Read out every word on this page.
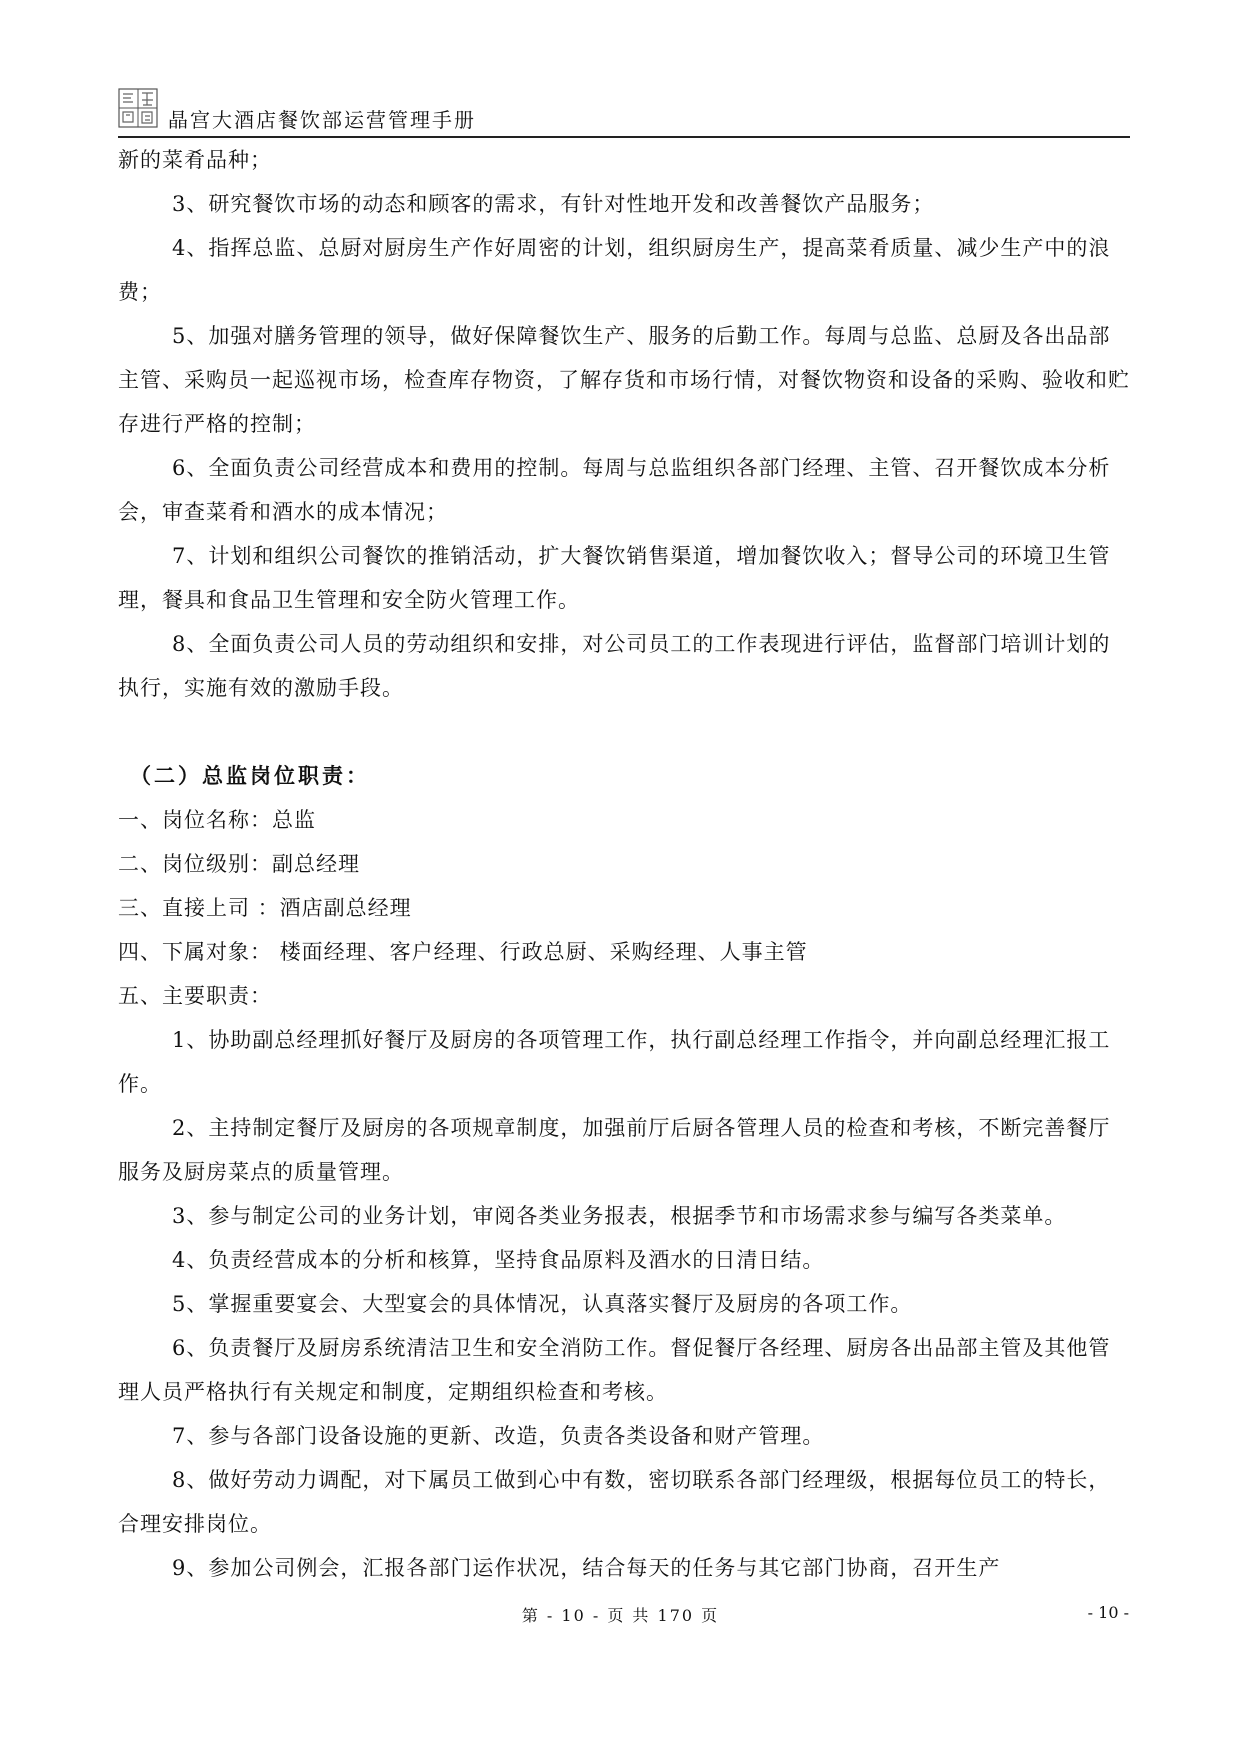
晶宫大酒店餐饮部运营管理手册

新的菜肴品种；

3、研究餐饮市场的动态和顾客的需求，有针对性地开发和改善餐饮产品服务；

4、指挥总监、总厨对厨房生产作好周密的计划，组织厨房生产，提高菜肴质量、减少生产中的浪费；

5、加强对膳务管理的领导，做好保障餐饮生产、服务的后勤工作。每周与总监、总厨及各出品部主管、采购员一起巡视市场，检查库存物资，了解存货和市场行情，对餐饮物资和设备的采购、验收和贮存进行严格的控制；

6、全面负责公司经营成本和费用的控制。每周与总监组织各部门经理、主管、召开餐饮成本分析会，审查菜肴和酒水的成本情况；

7、计划和组织公司餐饮的推销活动，扩大餐饮销售渠道，增加餐饮收入；督导公司的环境卫生管理，餐具和食品卫生管理和安全防火管理工作。

8、全面负责公司人员的劳动组织和安排，对公司员工的工作表现进行评估，监督部门培训计划的执行，实施有效的激励手段。

（二）总监岗位职责：

一、岗位名称：总监

二、岗位级别：副总经理

三、直接上司 ：酒店副总经理

四、下属对象： 楼面经理、客户经理、行政总厨、采购经理、人事主管

五、主要职责：

1、协助副总经理抓好餐厅及厨房的各项管理工作，执行副总经理工作指令，并向副总经理汇报工作。

2、主持制定餐厅及厨房的各项规章制度，加强前厅后厨各管理人员的检查和考核，不断完善餐厅服务及厨房菜点的质量管理。

3、参与制定公司的业务计划，审阅各类业务报表，根据季节和市场需求参与编写各类菜单。

4、负责经营成本的分析和核算，坚持食品原料及酒水的日清日结。

5、掌握重要宴会、大型宴会的具体情况，认真落实餐厅及厨房的各项工作。

6、负责餐厅及厨房系统清洁卫生和安全消防工作。督促餐厅各经理、厨房各出品部主管及其他管理人员严格执行有关规定和制度，定期组织检查和考核。

7、参与各部门设备设施的更新、改造，负责各类设备和财产管理。

8、做好劳动力调配，对下属员工做到心中有数，密切联系各部门经理级，根据每位员工的特长，合理安排岗位。

9、参加公司例会，汇报各部门运作状况，结合每天的任务与其它部门协商，召开生产

第 - 10 - 页 共 170 页	- 10 -
